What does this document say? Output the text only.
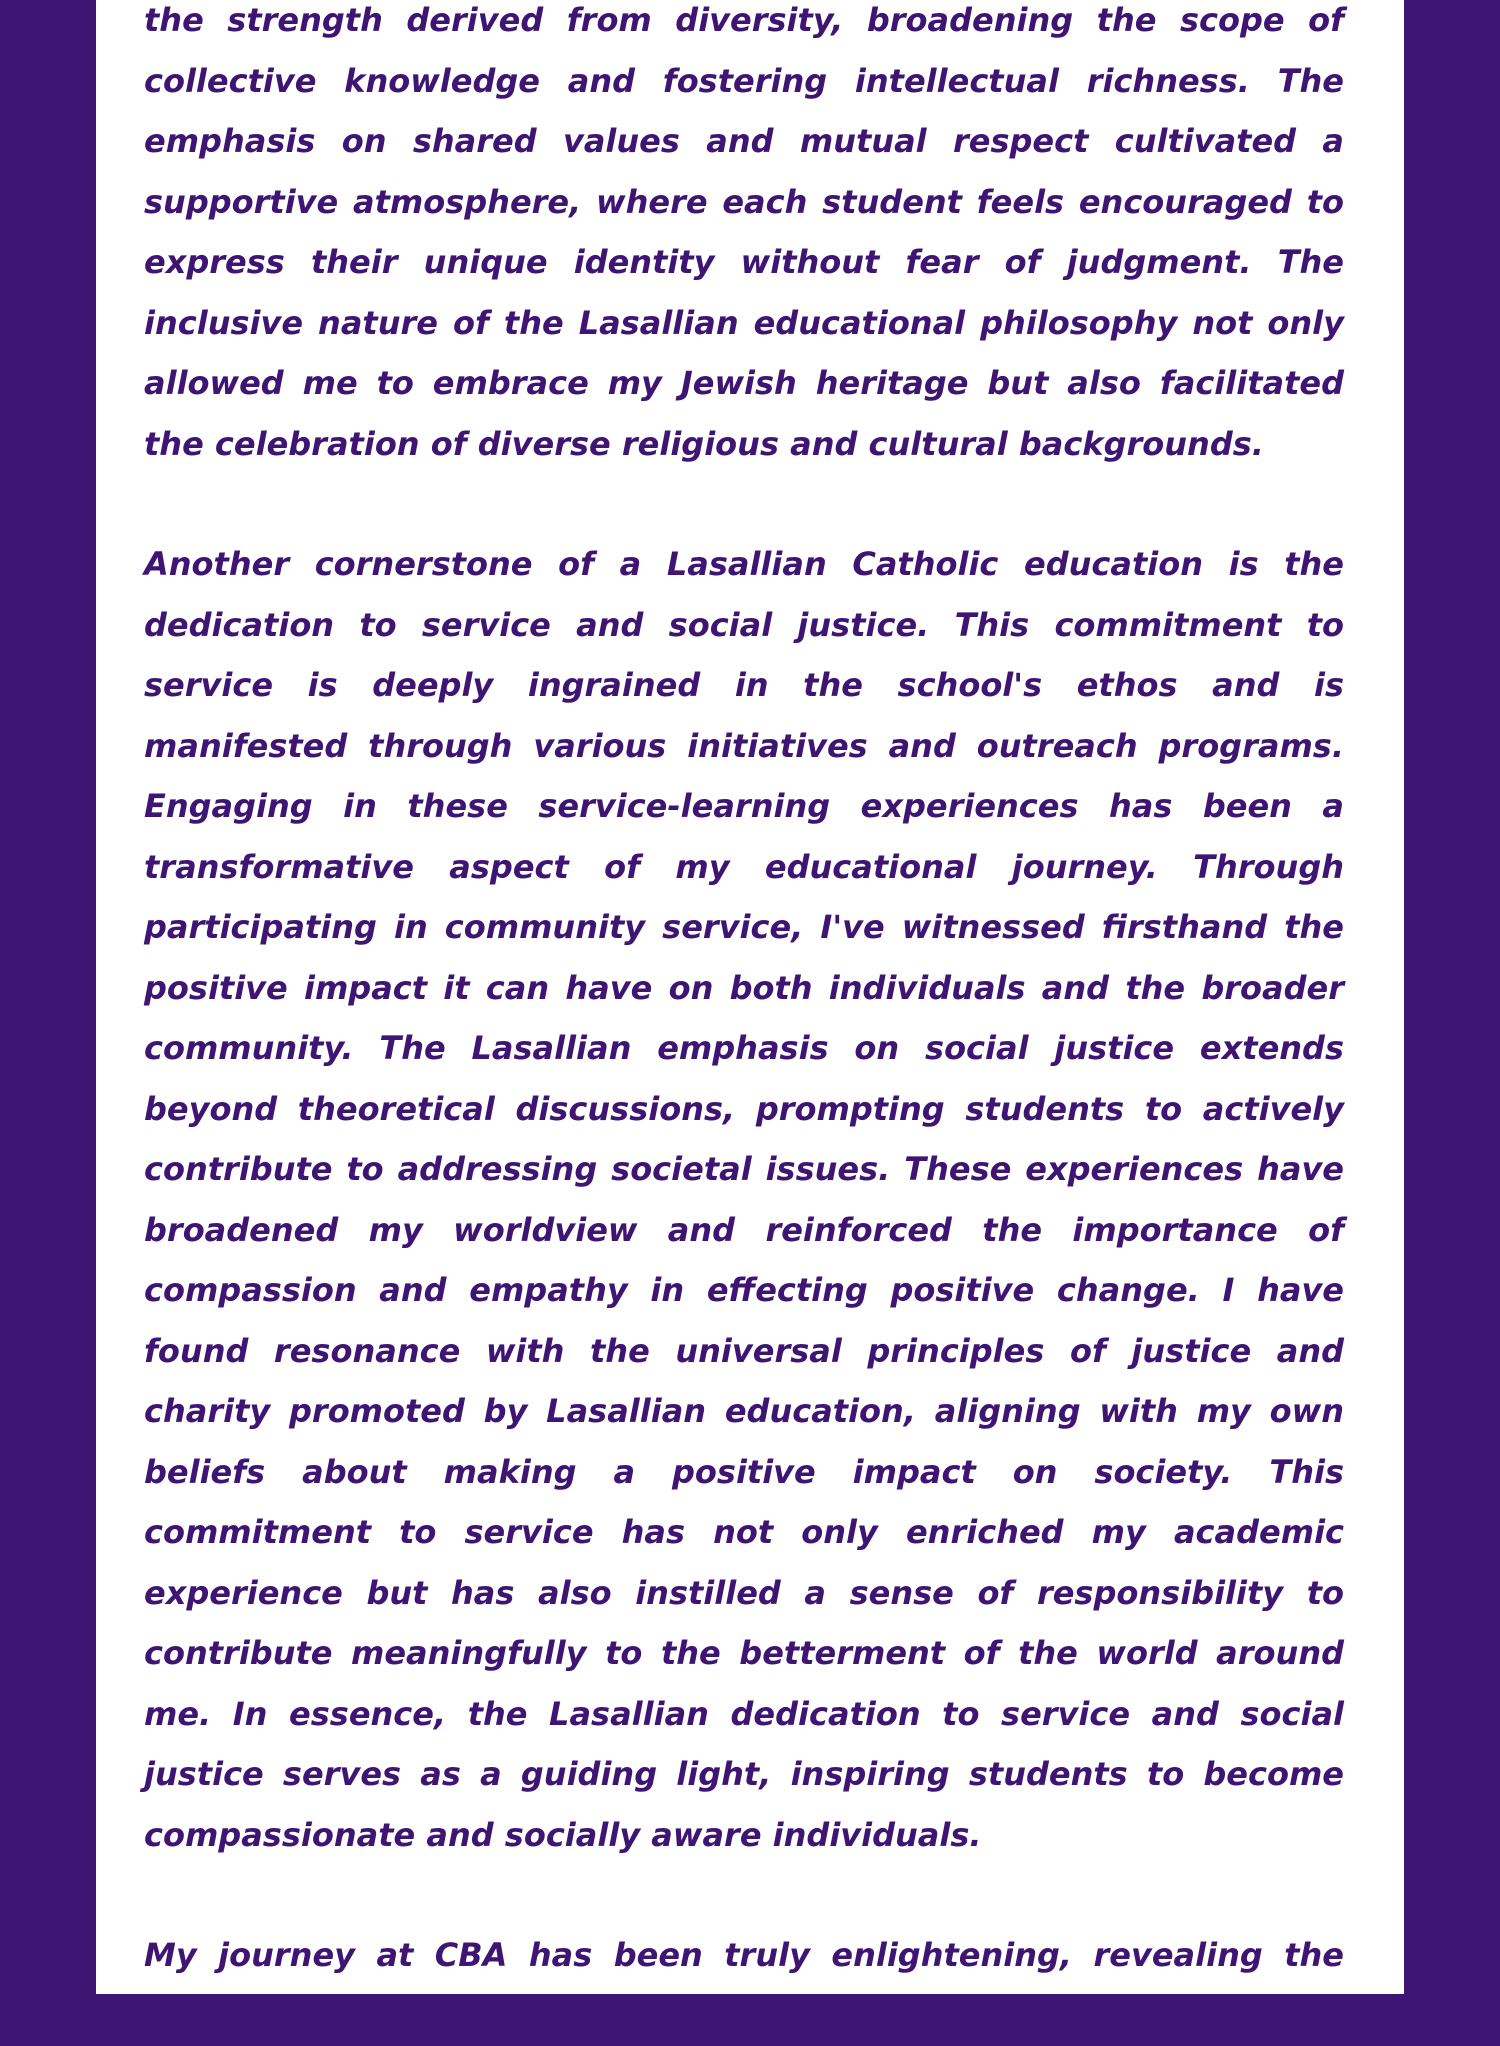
the strength derived from diversity, broadening the scope of collective knowledge and fostering intellectual richness. The emphasis on shared values and mutual respect cultivated a supportive atmosphere, where each student feels encouraged to express their unique identity without fear of judgment. The inclusive nature of the Lasallian educational philosophy not only allowed me to embrace my Jewish heritage but also facilitated the celebration of diverse religious and cultural backgrounds.

Another cornerstone of a Lasallian Catholic education is the dedication to service and social justice. This commitment to service is deeply ingrained in the school's ethos and is manifested through various initiatives and outreach programs. Engaging in these service-learning experiences has been a transformative aspect of my educational journey. Through participating in community service, I've witnessed firsthand the positive impact it can have on both individuals and the broader community. The Lasallian emphasis on social justice extends beyond theoretical discussions, prompting students to actively contribute to addressing societal issues. These experiences have broadened my worldview and reinforced the importance of compassion and empathy in effecting positive change. I have found resonance with the universal principles of justice and charity promoted by Lasallian education, aligning with my own beliefs about making a positive impact on society. This commitment to service has not only enriched my academic experience but has also instilled a sense of responsibility to contribute meaningfully to the betterment of the world around me. In essence, the Lasallian dedication to service and social justice serves as a guiding light, inspiring students to become compassionate and socially aware individuals.

My journey at CBA has been truly enlightening, revealing the universal importance of a Lasallian Catholic education. The
